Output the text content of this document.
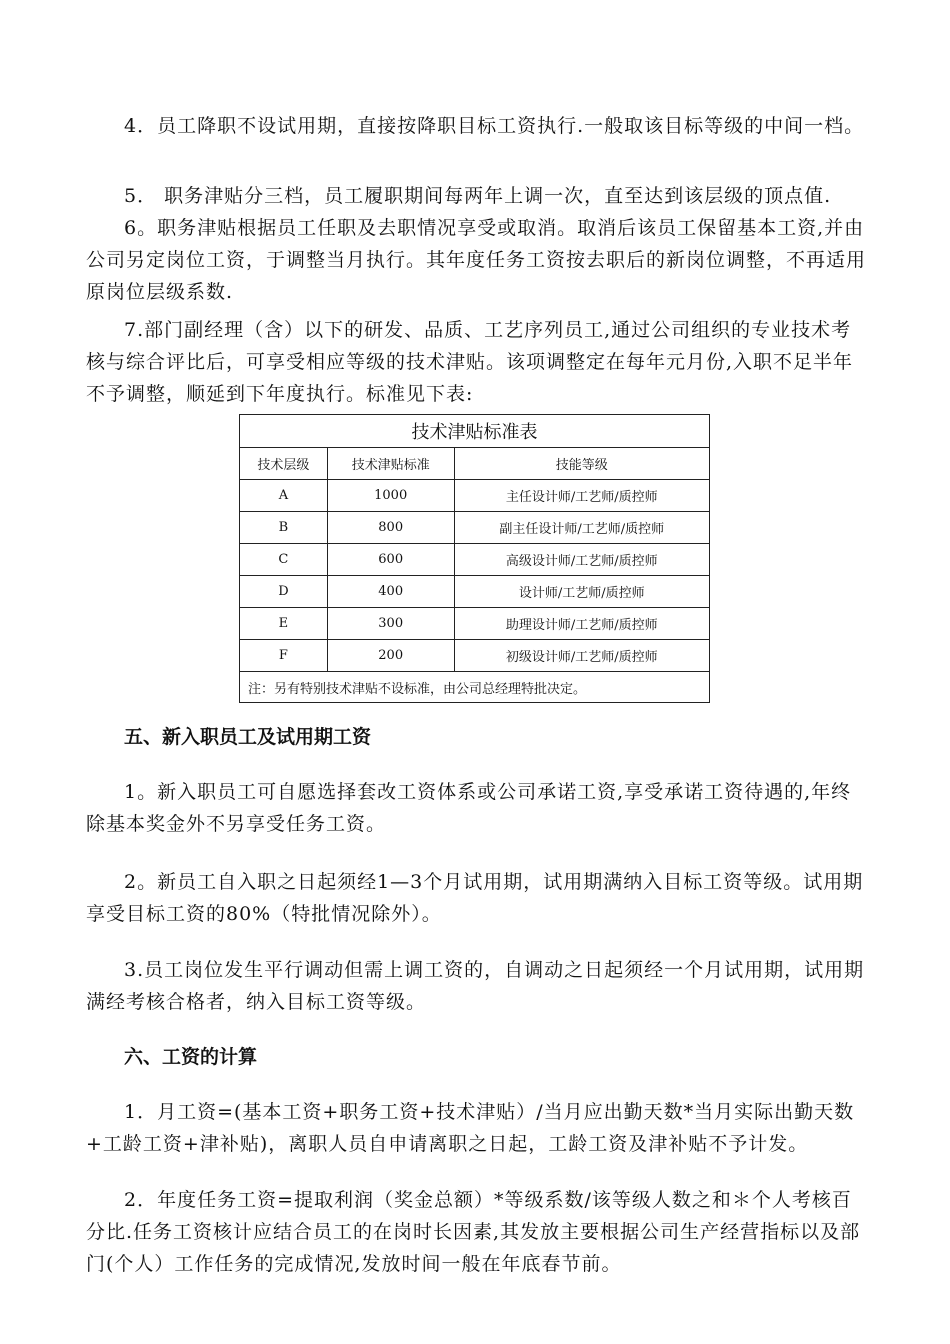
4．员工降职不设试用期，直接按降职目标工资执行.一般取该目标等级的中间一档。

5． 职务津贴分三档，员工履职期间每两年上调一次，直至达到该层级的顶点值.

6。职务津贴根据员工任职及去职情况享受或取消。取消后该员工保留基本工资,并由公司另定岗位工资，于调整当月执行。其年度任务工资按去职后的新岗位调整，不再适用原岗位层级系数.

7.部门副经理（含）以下的研发、品质、工艺序列员工,通过公司组织的专业技术考核与综合评比后，可享受相应等级的技术津贴。该项调整定在每年元月份,入职不足半年不予调整，顺延到下年度执行。标准见下表:

技术津贴标准表		
技术层级	技术津贴标准	技能等级
A	1000	主任设计师/工艺师/质控师
B	800	副主任设计师/工艺师/质控师
C	600	高级设计师/工艺师/质控师
D	400	设计师/工艺师/质控师
E	300	助理设计师/工艺师/质控师
F	200	初级设计师/工艺师/质控师
注：另有特别技术津贴不设标准，由公司总经理特批决定。		
五、新入职员工及试用期工资

1。新入职员工可自愿选择套改工资体系或公司承诺工资,享受承诺工资待遇的,年终除基本奖金外不另享受任务工资。

2。新员工自入职之日起须经1—3个月试用期，试用期满纳入目标工资等级。试用期享受目标工资的80%（特批情况除外）。

3.员工岗位发生平行调动但需上调工资的，自调动之日起须经一个月试用期，试用期满经考核合格者，纳入目标工资等级。

六、工资的计算

1．月工资=(基本工资+职务工资+技术津贴）/当月应出勤天数*当月实际出勤天数+工龄工资+津补贴)，离职人员自申请离职之日起，工龄工资及津补贴不予计发。

2．年度任务工资=提取利润（奖金总额）*等级系数/该等级人数之和＊个人考核百分比.任务工资核计应结合员工的在岗时长因素,其发放主要根据公司生产经营指标以及部门(个人）工作任务的完成情况,发放时间一般在年底春节前。
